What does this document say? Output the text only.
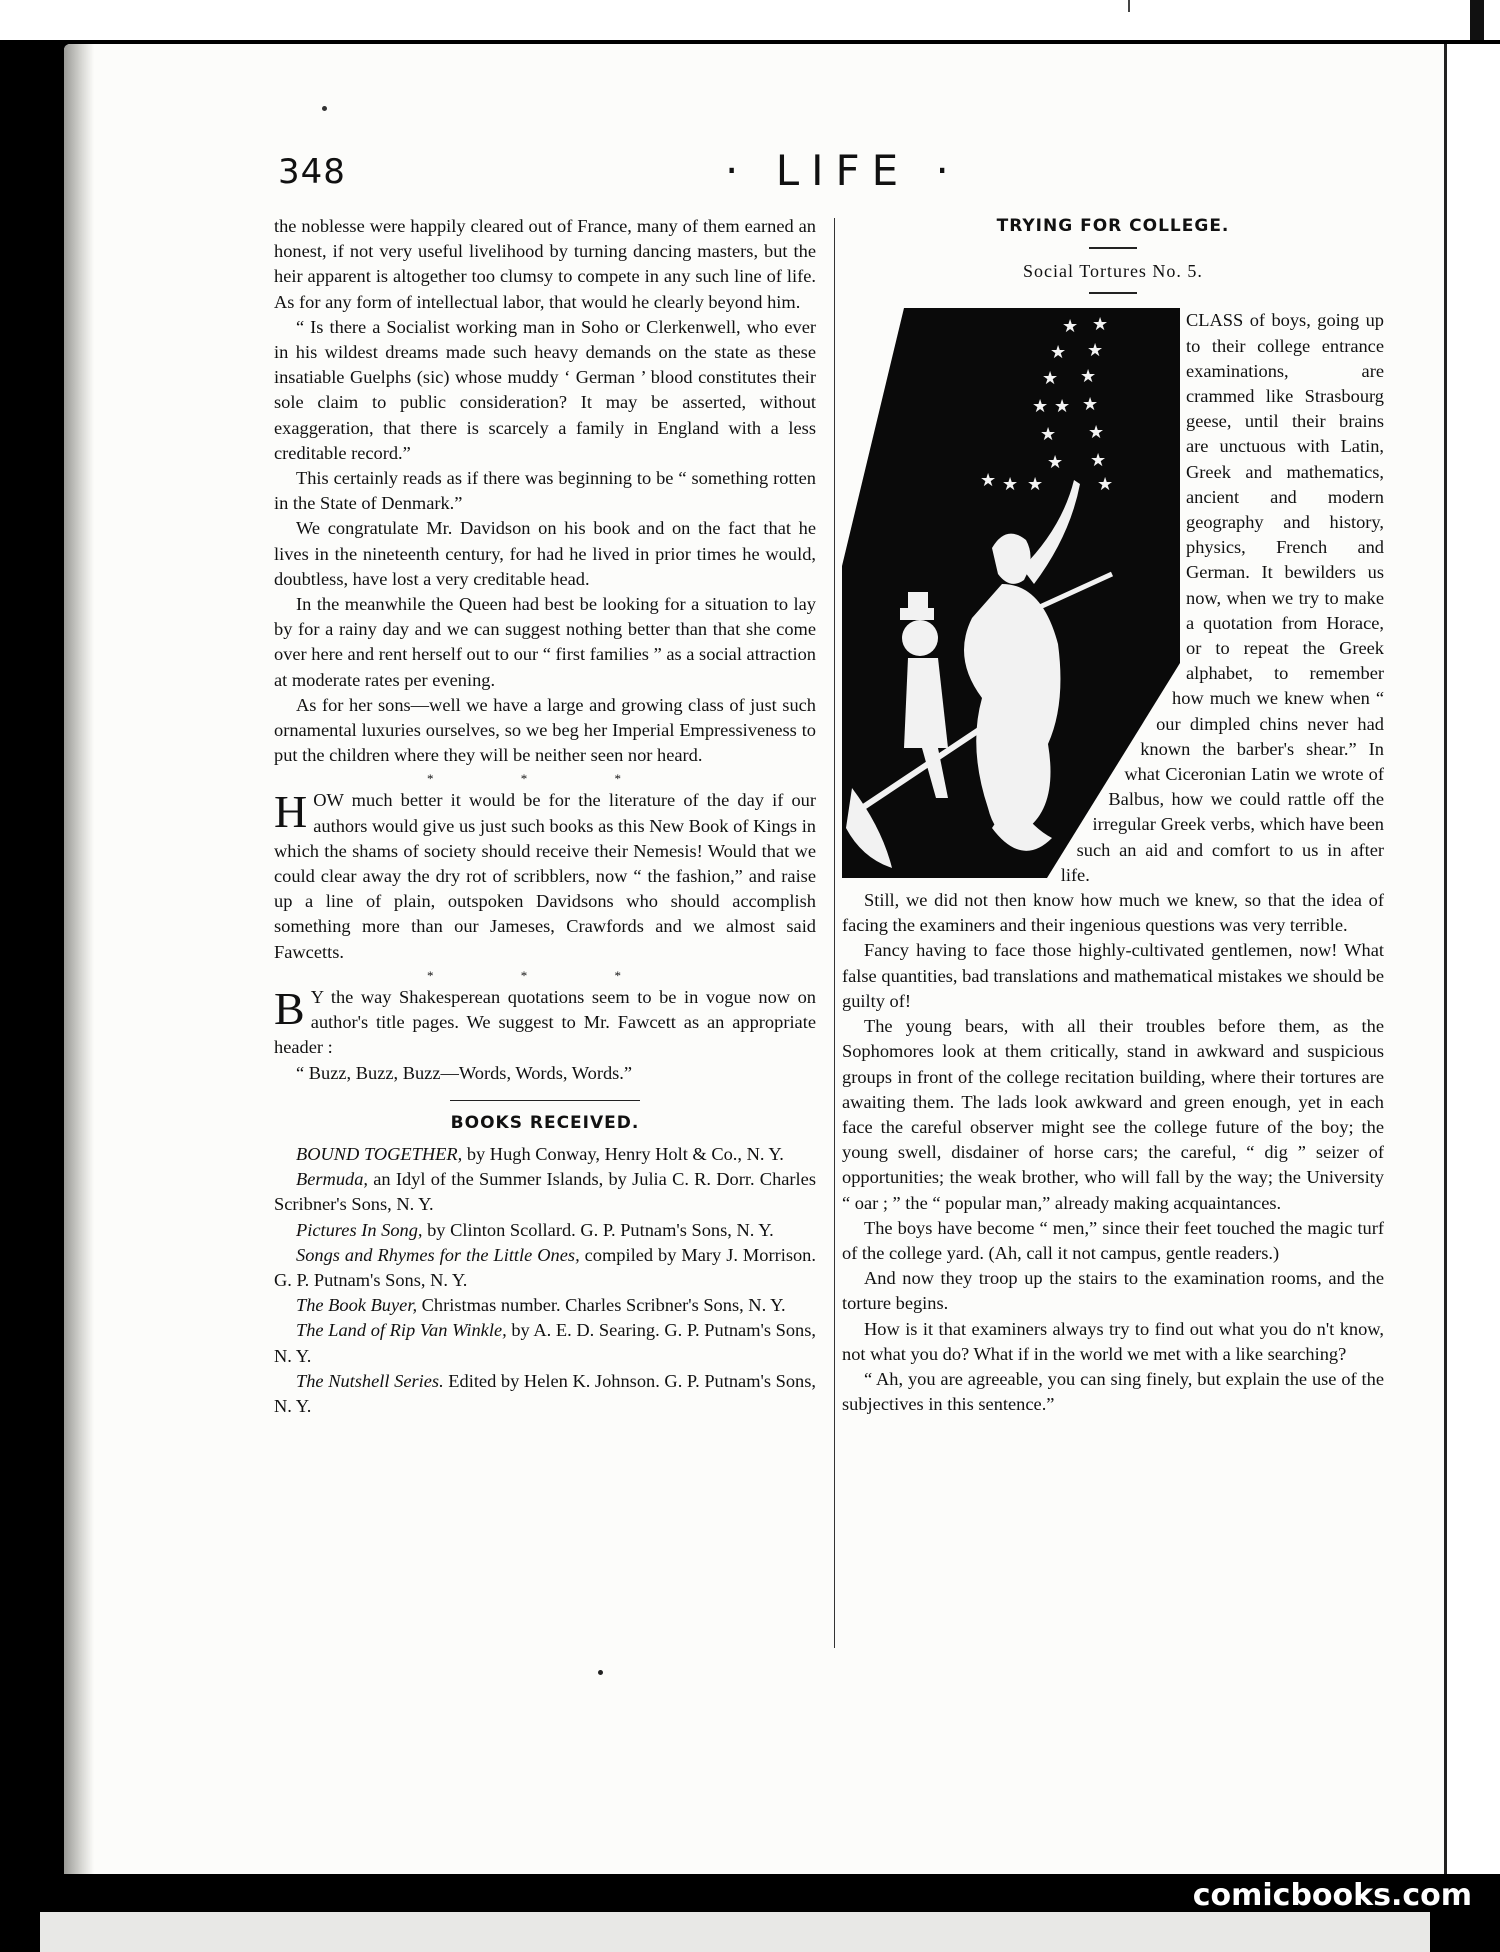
comicbooks.com
348	· LIFE ·

the noblesse were happily cleared out of France, many of them earned an honest, if not very useful livelihood by turning dancing masters, but the heir apparent is altogether too clumsy to compete in any such line of life. As for any form of intellectual labor, that would he clearly beyond him.

“ Is there a Socialist working man in Soho or Clerkenwell, who ever in his wildest dreams made such heavy demands on the state as these insatiable Guelphs (sic) whose muddy ‘ German ’ blood constitutes their sole claim to public consideration? It may be asserted, without exaggeration, that there is scarcely a family in England with a less creditable record.”

This certainly reads as if there was beginning to be “ something rotten in the State of Denmark.”

We congratulate Mr. Davidson on his book and on the fact that he lives in the nineteenth century, for had he lived in prior times he would, doubtless, have lost a very creditable head.

In the meanwhile the Queen had best be looking for a situation to lay by for a rainy day and we can suggest nothing better than that she come over here and rent herself out to our “ first families ” as a social attraction at moderate rates per evening.

As for her sons—well we have a large and growing class of just such ornamental luxuries ourselves, so we beg her Imperial Empressiveness to put the children where they will be neither seen nor heard.

* * *

HOW much better it would be for the literature of the day if our authors would give us just such books as this New Book of Kings in which the shams of society should receive their Nemesis! Would that we could clear away the dry rot of scribblers, now “ the fashion,” and raise up a line of plain, outspoken Davidsons who should accomplish something more than our Jameses, Crawfords and we almost said Fawcetts.

* * *

B Y the way Shakesperean quotations seem to be in vogue now on author's title pages. We suggest to Mr. Fawcett as an appropriate header :

“ Buzz, Buzz, Buzz—Words, Words, Words.”

BOOKS RECEIVED.

BOUND TOGETHER, by Hugh Conway, Henry Holt & Co., N. Y.

Bermuda, an Idyl of the Summer Islands, by Julia C. R. Dorr. Charles Scribner's Sons, N. Y.

Pictures In Song, by Clinton Scollard. G. P. Putnam's Sons, N. Y.

Songs and Rhymes for the Little Ones, compiled by Mary J. Morrison. G. P. Putnam's Sons, N. Y.

The Book Buyer, Christmas number. Charles Scribner's Sons, N. Y.

The Land of Rip Van Winkle, by A. E. D. Searing. G. P. Putnam's Sons, N. Y.

The Nutshell Series. Edited by Helen K. Johnson. G. P. Putnam's Sons, N. Y.

TRYING FOR COLLEGE.
Social Tortures No. 5.
★ ★
★ ★
★ ★
★ ★ ★
★ ★
★ ★
★ ★ ★	★

CLASS of boys, going up to their college entrance examinations, are crammed like Strasbourg geese, until their brains are unctuous with Latin, Greek and mathematics, ancient and modern geography and history, physics, French and German. It bewilders us now, when we try to make a quotation from Horace, or to repeat the Greek alphabet, to remember how much we knew when “ our dimpled chins never had known the barber's shear.” In what Ciceronian Latin we wrote of Balbus, how we could rattle off the irregular Greek verbs, which have been such an aid and comfort to us in after life.

Still, we did not then know how much we knew, so that the idea of facing the examiners and their ingenious questions was very terrible.

Fancy having to face those highly-cultivated gentlemen, now! What false quantities, bad translations and mathematical mistakes we should be guilty of!

The young bears, with all their troubles before them, as the Sophomores look at them critically, stand in awkward and suspicious groups in front of the college recitation building, where their tortures are awaiting them. The lads look awkward and green enough, yet in each face the careful observer might see the college future of the boy; the young swell, disdainer of horse cars; the careful, “ dig ” seizer of opportunities; the weak brother, who will fall by the way; the University “ oar ; ” the “ popular man,” already making acquaintances.

The boys have become “ men,” since their feet touched the magic turf of the college yard. (Ah, call it not campus, gentle readers.)

And now they troop up the stairs to the examination rooms, and the torture begins.

How is it that examiners always try to find out what you do n't know, not what you do? What if in the world we met with a like searching?

“ Ah, you are agreeable, you can sing finely, but explain the use of the subjectives in this sentence.”
